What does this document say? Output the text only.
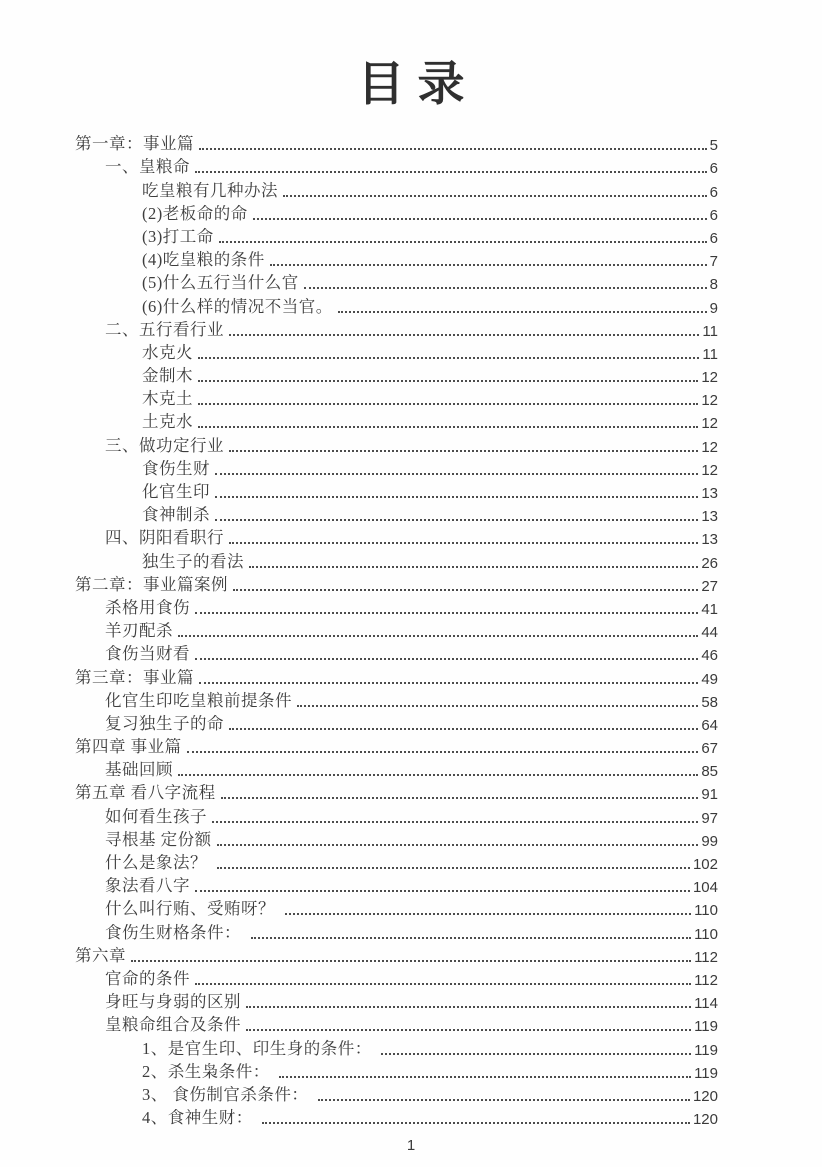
目录
第一章：事业篇	5
一、皇粮命	6
吃皇粮有几种办法	6
(2)老板命的命	6
(3)打工命	6
(4)吃皇粮的条件	7
(5)什么五行当什么官	8
(6)什么样的情况不当官。	9
二、五行看行业	11
水克火	11
金制木	12
木克土	12
土克水	12
三、做功定行业	12
食伤生财	12
化官生印	13
食神制杀	13
四、阴阳看职行	13
独生子的看法	26
第二章：事业篇案例	27
杀格用食伤	41
羊刃配杀	44
食伤当财看	46
第三章：事业篇	49
化官生印吃皇粮前提条件	58
复习独生子的命	64
第四章 事业篇	67
基础回顾	85
第五章 看八字流程	91
如何看生孩子	97
寻根基 定份额	99
什么是象法？	102
象法看八字	104
什么叫行贿、受贿呀？	110
食伤生财格条件：	110
第六章	112
官命的条件	112
身旺与身弱的区别	114
皇粮命组合及条件	119
1、是官生印、印生身的条件：	119
2、杀生枭条件：	119
3、 食伤制官杀条件：	120
4、食神生财：	120
1
